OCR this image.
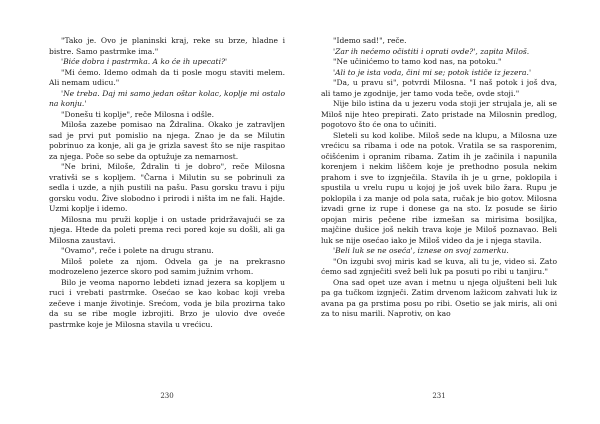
"Tako je. Ovo je planinski kraj, reke su brze, hladne i bistre. Samo pastrmke ima."

'Biće dobra i pastrmka. A ko će ih upecati?'

"Mi ćemo. Idemo odmah da ti posle mogu staviti melem. Ali nemam udicu."

'Ne treba. Daj mi samo jedan oštar kolac, koplje mi ostalo na konju.'

"Donešu ti koplje", reče Milosna i odšle.

Miloša zazebe pomisao na Ždralina. Okako je zatravljen sad je prvi put pomislio na njega. Znao je da se Milutin pobrinuo za konje, ali ga je grizla savest što se nije raspitao za njega. Poče so sebe da optužuje za nemarnost.

"Ne brini, Miloše, Ždralin ti je dobro", reče Milosna vrativši se s kopljem. "Čarna i Milutin su se pobrinuli za sedla i uzde, a njih pustili na pašu. Pasu gorsku travu i piju gorsku vodu. Žive slobodno i prirodi i ništa im ne fali. Hajde. Uzmi koplje i idemo.

Milosna mu pruži koplje i on ustade pridržavajući se za njega. Htede da poleti prema reci pored koje su došli, ali ga Milosna zaustavi.

"Ovamo", reče i polete na drugu stranu.

Miloš polete za njom. Odvela ga je na prekrasno modrozeleno jezerce skoro pod samim južnim vrhom.

Bilo je veoma naporno lebdeti iznad jezera sa kopljem u ruci i vrebati pastrmke. Osećao se kao kobac koji vreba zečeve i manje životinje. Srećom, voda je bila prozirna tako da su se ribe mogle izbrojiti. Brzo je ulovio dve oveće pastrmke koje je Milosna stavila u vrećicu.

230

"Idemo sad!", reče.

'Zar ih nećemo očistiti i oprati ovde?', zapita Miloš.

"Ne učinićemo to tamo kod nas, na potoku."

'Ali to je ista voda, čini mi se; potok ističe iz jezera.'

"Da, u pravu si", potvrdi Milosna. "I naš potok i još dva, ali tamo je zgodnije, jer tamo voda teče, ovde stoji."

Nije bilo istina da u jezeru voda stoji jer strujala je, ali se Miloš nije hteo prepirati. Zato pristade na Milosnin predlog, pogotovo što će ona to učiniti.

Sleteli su kod kolibe. Miloš sede na klupu, a Milosna uze vrećicu sa ribama i ode na potok. Vratila se sa rasporenim, očišćenim i opranim ribama. Zatim ih je začinila i napunila korenjem i nekim liščem koje je prethodno posula nekim prahom i sve to izgnječila. Stavila ih je u grne, poklopila i spustila u vrelu rupu u kojoj je još uvek bilo žara. Rupu je poklopila i za manje od pola sata, ručak je bio gotov. Milosna izvadi grne iz rupe i donese ga na sto. Iz posude se širio opojan miris pečene ribe izmešan sa mirisima bosiljka, majčine dušice još nekih trava koje je Miloš poznavao. Beli luk se nije osećao iako je Miloš video da je i njega stavila.

'Beli luk se ne oseća', iznese on svoj zamerku.

"On izgubi svoj miris kad se kuva, ali tu je, video si. Zato ćemo sad zgnječiti svež beli luk pa posuti po ribi u tanjiru."

Ona sad opet uze avan i metnu u njega oljušteni beli luk pa ga tučkom izgnječi. Zatim drvenom lažicom zahvati luk iz avana pa ga prstima posu po ribi. Osetio se jak miris, ali oni za to nisu marili. Naprotiv, on kao

231
